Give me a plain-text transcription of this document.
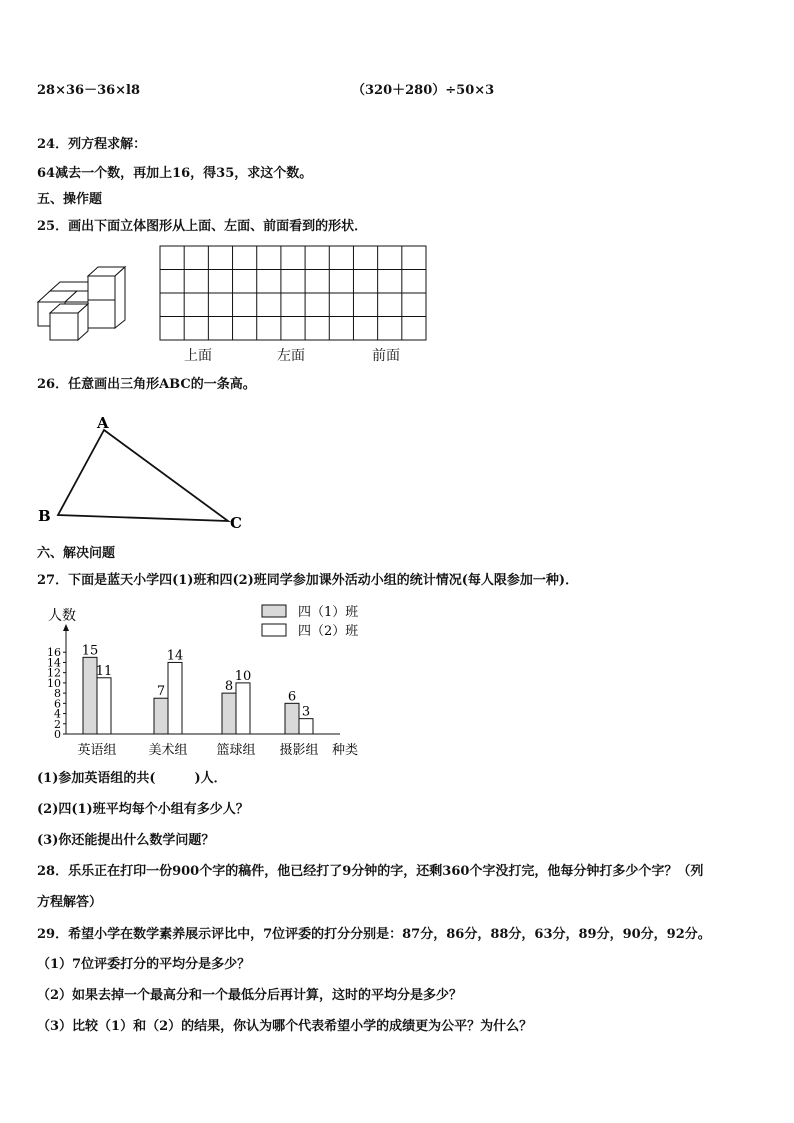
28×36－36×l8	（320＋280）÷50×3
24．列方程求解：
64减去一个数，再加上16，得35，求这个数。
五、操作题
25．画出下面立体图形从上面、左面、前面看到的形状．
上面	左面	前面
26．任意画出三角形ABC的一条高。
A
B	C
六、解决问题
27．下面是蓝天小学四(1)班和四(2)班同学参加课外活动小组的统计情况(每人限参加一种)．
人数
0
2
4
6
8
10
12
14
16 15
11
英语组
7
14
美术组
8
10
篮球组
6
3
摄影组 种类
四（1）班
四（2）班
(1)参加英语组的共(　　　)人．
(2)四(1)班平均每个小组有多少人？
(3)你还能提出什么数学问题？
28．乐乐正在打印一份900个字的稿件，他已经打了9分钟的字，还剩360个字没打完，他每分钟打多少个字？（列
方程解答）
29．希望小学在数学素养展示评比中，7位评委的打分分别是：87分，86分，88分，63分，89分，90分，92分。
（1）7位评委打分的平均分是多少？
（2）如果去掉一个最高分和一个最低分后再计算，这时的平均分是多少？
（3）比较（1）和（2）的结果，你认为哪个代表希望小学的成绩更为公平？为什么？
